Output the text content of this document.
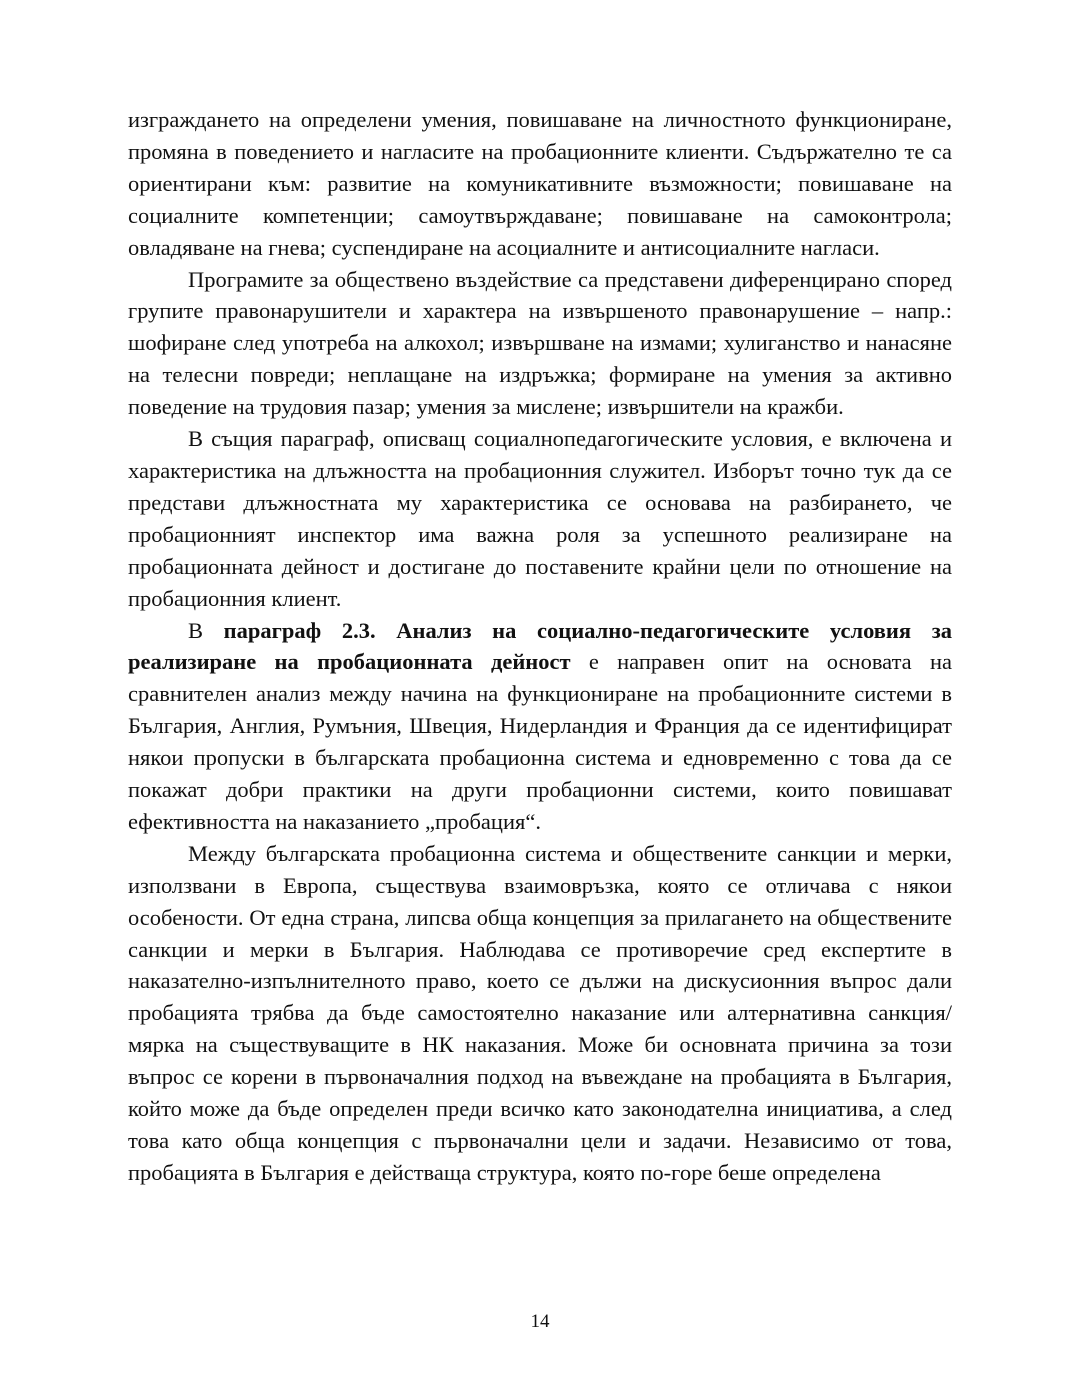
изграждането на определени умения, повишаване на личностното функциониране, промяна в поведението и нагласите на пробационните клиенти. Съдържателно те са ориентирани към: развитие на комуникативните възможности; повишаване на социалните компетенции; самоутвърждаване; повишаване на самоконтрола; овладяване на гнева; суспендиране на асоциалните и антисоциалните нагласи.

Програмите за обществено въздействие са представени диференцирано според групите правонарушители и характера на извършеното правонарушение – напр.: шофиране след употреба на алкохол; извършване на измами; хулиганство и нанасяне на телесни повреди; неплащане на издръжка; формиране на умения за активно поведение на трудовия пазар; умения за мислене; извършители на кражби.

В същия параграф, описващ социалнопедагогическите условия, е включена и характеристика на длъжността на пробационния служител. Изборът точно тук да се представи длъжностната му характеристика се основава на разбирането, че пробационният инспектор има важна роля за успешното реализиране на пробационната дейност и достигане до поставените крайни цели по отношение на пробационния клиент.

В параграф 2.3. Анализ на социално-педагогическите условия за реализиране на пробационната дейност е направен опит на основата на сравнителен анализ между начина на функциониране на пробационните системи в България, Англия, Румъния, Швеция, Нидерландия и Франция да се идентифицират някои пропуски в българската пробационна система и едновременно с това да се покажат добри практики на други пробационни системи, които повишават ефективността на наказанието „пробация“.

Между българската пробационна система и обществените санкции и мерки, използвани в Европа, съществува взаимовръзка, която се отличава с някои особености. От една страна, липсва обща концепция за прилагането на обществените санкции и мерки в България. Наблюдава се противоречие сред експертите в наказателно-изпълнителното право, което се дължи на дискусионния въпрос дали пробацията трябва да бъде самостоятелно наказание или алтернативна санкция/мярка на съществуващите в НК наказания. Може би основната причина за този въпрос се корени в първоначалния подход на въвеждане на пробацията в България, който може да бъде определен преди всичко като законодателна инициатива, а след това като обща концепция с първоначални цели и задачи. Независимо от това, пробацията в България е действаща структура, която по-горе беше определена

14
